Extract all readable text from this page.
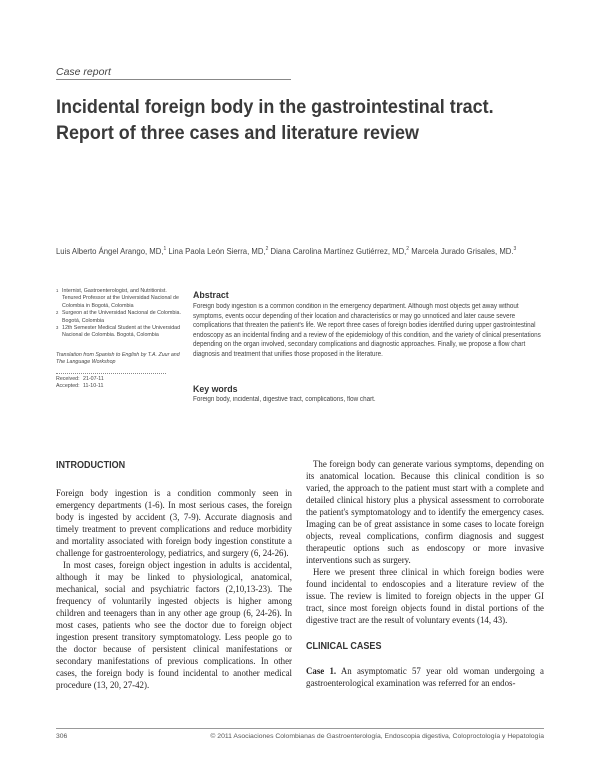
Case report
Incidental foreign body in the gastrointestinal tract.
Report of three cases and literature review
Luis Alberto Ángel Arango, MD,$^1$ Lina Paola León Sierra, MD,$^2$ Diana Carolina Martínez Gutiérrez, MD,$^2$ Marcela Jurado Grisales, MD.$^3$
1 Internist, Gastroenterologist, and Nutritionist. Tenured Professor at the Universidad Nacional de Colombia in Bogotá, Colombia
2 Surgeon at the Universidad Nacional de Colombia. Bogotá, Colombia
3 12th Semester Medical Student at the Universidad Nacional de Colombia. Bogotá, Colombia
Translation from Spanish to English by T.A. Zuur and The Language Workshop
Received: 21-07-11
Accepted: 11-10-11
Abstract
Foreign body ingestion is a common condition in the emergency department. Although most objects get away without symptoms, events occur depending of their location and characteristics or may go unnoticed and later cause severe complications that threaten the patient's life. We report three cases of foreign bodies identified during upper gastrointestinal endoscopy as an incidental finding and a review of the epidemiology of this condition, and the variety of clinical presentations depending on the organ involved, secondary complications and diagnostic approaches. Finally, we propose a flow chart diagnosis and treatment that unifies those proposed in the literature.
Key words
Foreign body, incidental, digestive tract, complications, flow chart.
INTRODUCTION

Foreign body ingestion is a condition commonly seen in emergency departments (1-6). In most serious cases, the foreign body is ingested by accident (3, 7-9). Accurate diagnosis and timely treatment to prevent complications and reduce morbidity and mortality associated with foreign body ingestion constitute a challenge for gastroenterology, pediatrics, and surgery (6, 24-26).

In most cases, foreign object ingestion in adults is accidental, although it may be linked to physiological, anatomical, mechanical, social and psychiatric factors (2,10,13-23). The frequency of voluntarily ingested objects is higher among children and teenagers than in any other age group (6, 24-26). In most cases, patients who see the doctor due to foreign object ingestion present transitory symptomatology. Less people go to the doctor because of persistent clinical manifestations or secondary manifestations of previous complications. In other cases, the foreign body is found incidental to another medical procedure (13, 20, 27-42).

The foreign body can generate various symptoms, depending on its anatomical location. Because this clinical condition is so varied, the approach to the patient must start with a complete and detailed clinical history plus a physical assessment to corroborate the patient's symptomatology and to identify the emergency cases. Imaging can be of great assistance in some cases to locate foreign objects, reveal complications, confirm diagnosis and suggest therapeutic options such as endoscopy or more invasive interventions such as surgery.

Here we present three clinical in which foreign bodies were found incidental to endoscopies and a literature review of the issue. The review is limited to foreign objects in the upper GI tract, since most foreign objects found in distal portions of the digestive tract are the result of voluntary events (14, 43).

CLINICAL CASES

Case 1. An asymptomatic 57 year old woman undergoing a gastroenterological examination was referred for an endos-

306	© 2011 Asociaciones Colombianas de Gastroenterología, Endoscopia digestiva, Coloproctología y Hepatología
